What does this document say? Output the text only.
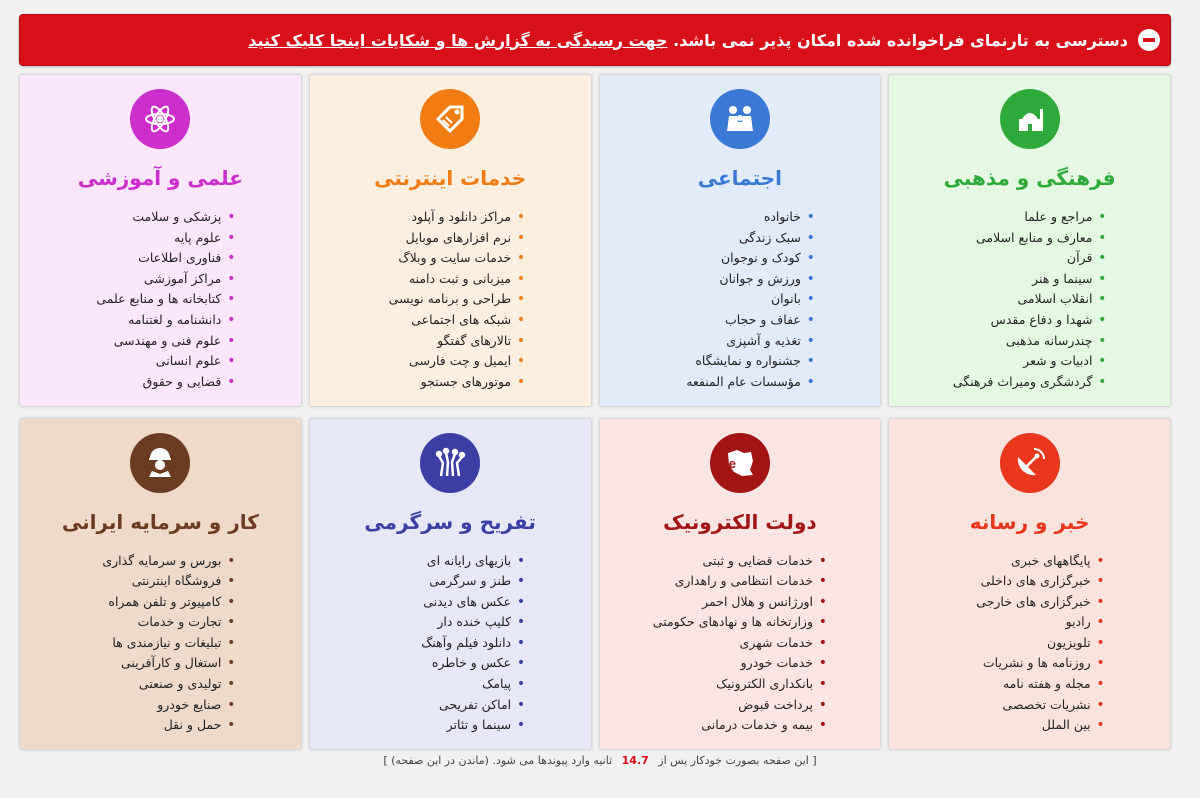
دسترسی به تارنمای فراخوانده شده امکان پذیر نمی باشد. جهت رسیدگی به گزارش ها و شکایات اینجا کلیک کنید
فرهنگی و مذهبی
• مراجع و علما
• معارف و منابع اسلامی
• قرآن
• سینما و هنر
• انقلاب اسلامی
• شهدا و دفاع مقدس
• چندرسانه مذهبی
• ادبیات و شعر
• گردشگری ومیراث فرهنگی
اجتماعی
• خانواده
• سبک زندگی
• کودک و نوجوان
• ورزش و جوانان
• بانوان
• عفاف و حجاب
• تغذیه و آشپزی
• جشنواره و نمایشگاه
• مؤسسات عام المنفعه
خدمات اینترنتی
• مراکز دانلود و آپلود
• نرم افزارهای موبایل
• خدمات سایت و وبلاگ
• میزبانی و ثبت دامنه
• طراحی و برنامه نویسی
• شبکه های اجتماعی
• تالارهای گفتگو
• ایمیل و چت فارسی
• موتورهای جستجو
علمی و آموزشی
• پزشکی و سلامت
• علوم پایه
• فناوری اطلاعات
• مراکز آموزشی
• کتابخانه ها و منابع علمی
• دانشنامه و لغتنامه
• علوم فنی و مهندسی
• علوم انسانی
• قضایی و حقوق
خبر و رسانه
• پایگاههای خبری
• خبرگزاری های داخلی
• خبرگزاری های خارجی
• رادیو
• تلویزیون
• روزنامه ها و نشریات
• مجله و هفته نامه
• نشریات تخصصی
• بین الملل
e
دولت الکترونیک
• خدمات قضایی و ثبتی
• خدمات انتظامی و راهداری
• اورژانس و هلال احمر
• وزارتخانه ها و نهادهای حکومتی
• خدمات شهری
• خدمات خودرو
• بانکداری الکترونیک
• پرداخت قبوض
• بیمه و خدمات درمانی
تفریح و سرگرمی
• بازیهای رایانه ای
• طنز و سرگرمی
• عکس های دیدنی
• کلیپ خنده دار
• دانلود فیلم وآهنگ
• عکس و خاطره
• پیامک
• اماکن تفریحی
• سینما و تئاتر
کار و سرمایه ایرانی
• بورس و سرمایه گذاری
• فروشگاه اینترنتی
• کامپیوتر و تلفن همراه
• تجارت و خدمات
• تبلیغات و نیازمندی ها
• استغال و کارآفرینی
• تولیدی و صنعتی
• صنایع خودرو
• حمل و نقل
[ این صفحه بصورت خودکار پس از 14.7 ثانیه وارد پیوندها می شود. (ماندن در این صفحه) ]
